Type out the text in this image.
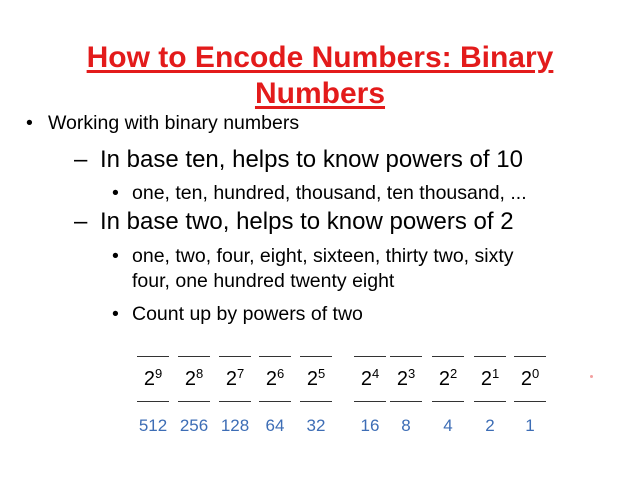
How to Encode Numbers: Binary Numbers
• Working with binary numbers
– In base ten, helps to know powers of 10
• one, ten, hundred, thousand, ten thousand, ...
– In base two, helps to know powers of 2
• one, two, four, eight, sixteen, thirty two, sixty
four, one hundred twenty eight
• Count up by powers of two
$2^9$
512
$2^8$
256
$2^7$
128
$2^6$
64
$2^5$
32
$2^4$
16
$2^3$
8
$2^2$
4
$2^1$
2
$2^0$
1
